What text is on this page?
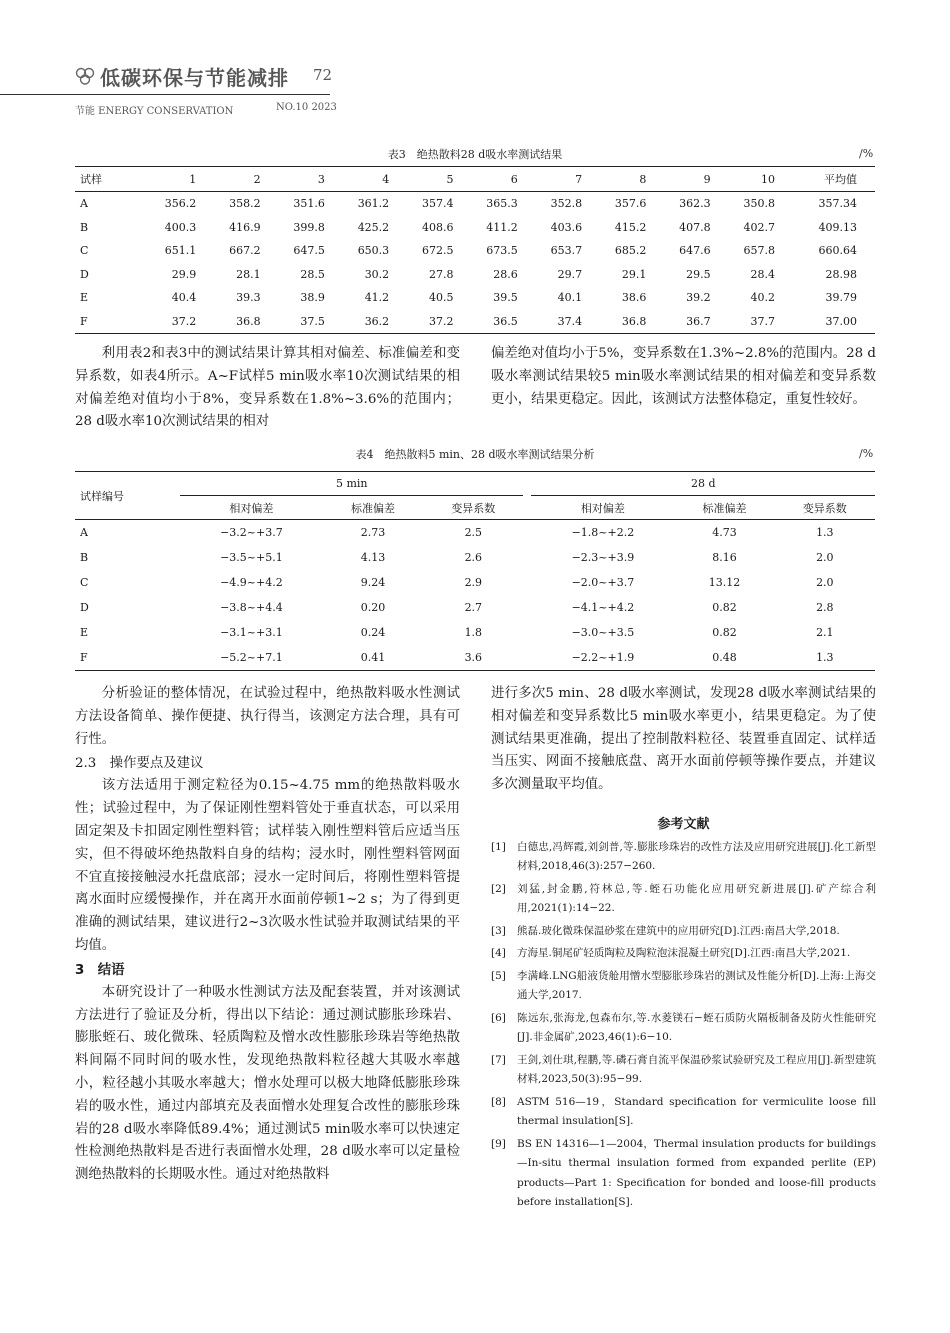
低碳环保与节能减排 72
节能 ENERGY CONSERVATION	NO.10 2023
表3　绝热散料28 d吸水率测试结果	/%
试样	1	2	3	4	5	6	7	8	9	10	平均值
A	356.2	358.2	351.6	361.2	357.4	365.3	352.8	357.6	362.3	350.8	357.34
B	400.3	416.9	399.8	425.2	408.6	411.2	403.6	415.2	407.8	402.7	409.13
C	651.1	667.2	647.5	650.3	672.5	673.5	653.7	685.2	647.6	657.8	660.64
D	29.9	28.1	28.5	30.2	27.8	28.6	29.7	29.1	29.5	28.4	28.98
E	40.4	39.3	38.9	41.2	40.5	39.5	40.1	38.6	39.2	40.2	39.79
F	37.2	36.8	37.5	36.2	37.2	36.5	37.4	36.8	36.7	37.7	37.00
利用表2和表3中的测试结果计算其相对偏差、标准偏差和变异系数，如表4所示。A~F试样5 min吸水率10次测试结果的相对偏差绝对值均小于8%，变异系数在1.8%~3.6%的范围内；28 d吸水率10次测试结果的相对
偏差绝对值均小于5%，变异系数在1.3%~2.8%的范围内。28 d吸水率测试结果较5 min吸水率测试结果的相对偏差和变异系数更小，结果更稳定。因此，该测试方法整体稳定，重复性较好。
表4　绝热散料5 min、28 d吸水率测试结果分析	/%
试样编号	5 min				28 d		
	相对偏差	标准偏差	变异系数		相对偏差	标准偏差	变异系数
A	−3.2~+3.7	2.73	2.5		−1.8~+2.2	4.73	1.3
B	−3.5~+5.1	4.13	2.6		−2.3~+3.9	8.16	2.0
C	−4.9~+4.2	9.24	2.9		−2.0~+3.7	13.12	2.0
D	−3.8~+4.4	0.20	2.7		−4.1~+4.2	0.82	2.8
E	−3.1~+3.1	0.24	1.8		−3.0~+3.5	0.82	2.1
F	−5.2~+7.1	0.41	3.6		−2.2~+1.9	0.48	1.3
分析验证的整体情况，在试验过程中，绝热散料吸水性测试方法设备简单、操作便捷、执行得当，该测定方法合理，具有可行性。
2.3　操作要点及建议
该方法适用于测定粒径为0.15~4.75 mm的绝热散料吸水性；试验过程中，为了保证刚性塑料管处于垂直状态，可以采用固定架及卡扣固定刚性塑料管；试样装入刚性塑料管后应适当压实，但不得破坏绝热散料自身的结构；浸水时，刚性塑料管网面不宜直接接触浸水托盘底部；浸水一定时间后，将刚性塑料管提离水面时应缓慢操作，并在离开水面前停顿1~2 s；为了得到更准确的测试结果，建议进行2~3次吸水性试验并取测试结果的平均值。
3　结语
本研究设计了一种吸水性测试方法及配套装置，并对该测试方法进行了验证及分析，得出以下结论：通过测试膨胀珍珠岩、膨胀蛭石、玻化微珠、轻质陶粒及憎水改性膨胀珍珠岩等绝热散料间隔不同时间的吸水性，发现绝热散料粒径越大其吸水率越小，粒径越小其吸水率越大；憎水处理可以极大地降低膨胀珍珠岩的吸水性，通过内部填充及表面憎水处理复合改性的膨胀珍珠岩的28 d吸水率降低89.4%；通过测试5 min吸水率可以快速定性检测绝热散料是否进行表面憎水处理，28 d吸水率可以定量检测绝热散料的长期吸水性。通过对绝热散料
进行多次5 min、28 d吸水率测试，发现28 d吸水率测试结果的相对偏差和变异系数比5 min吸水率更小，结果更稳定。为了使测试结果更准确，提出了控制散料粒径、装置垂直固定、试样适当压实、网面不接触底盘、离开水面前停顿等操作要点，并建议多次测量取平均值。
参考文献
[1]	白德忠,冯辉霞,刘剑普,等.膨胀珍珠岩的改性方法及应用研究进展[J].化工新型材料,2018,46(3):257−260.
[2]	刘猛,封金鹏,符林总,等.蛭石功能化应用研究新进展[J].矿产综合利用,2021(1):14−22.
[3]	熊磊.玻化微珠保温砂浆在建筑中的应用研究[D].江西:南昌大学,2018.
[4]	方海星.铜尾矿轻质陶粒及陶粒泡沫混凝土研究[D].江西:南昌大学,2021.
[5]	李满峰.LNG船液货舱用憎水型膨胀珍珠岩的测试及性能分析[D].上海:上海交通大学,2017.
[6]	陈远东,张海龙,包森布尔,等.水菱镁石−蛭石质防火隔板制备及防火性能研究[J].非金属矿,2023,46(1):6−10.
[7]	王剑,刘仕琪,程鹏,等.磷石膏自流平保温砂浆试验研究及工程应用[J].新型建筑材料,2023,50(3):95−99.
[8]	ASTM 516—19，Standard specification for vermiculite loose fill thermal insulation[S].
[9]	BS EN 14316—1—2004，Thermal insulation products for buildings—In-situ thermal insulation formed from expanded perlite (EP) products—Part 1: Specification for bonded and loose-fill products before installation[S].
